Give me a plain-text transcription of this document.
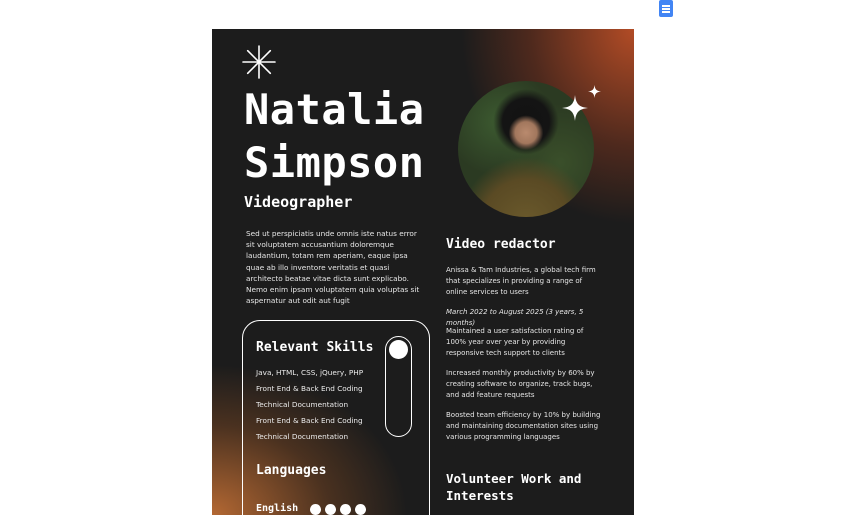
Natalia
Simpson
Videographer
Sed ut perspiciatis unde omnis iste natus error sit voluptatem accusantium doloremque laudantium, totam rem aperiam, eaque ipsa quae ab illo inventore veritatis et quasi architecto beatae vitae dicta sunt explicabo. Nemo enim ipsam voluptatem quia voluptas sit aspernatur aut odit aut fugit
Video redactor
Anissa & Tam Industries, a global tech firm that specializes in providing a range of online services to users
March 2022 to August 2025 (3 years, 5 months)
Maintained a user satisfaction rating of 100% year over year by providing responsive tech support to clients
Increased monthly productivity by 60% by creating software to organize, track bugs, and add feature requests
Boosted team efficiency by 10% by building and maintaining documentation sites using various programming languages
Volunteer Work and Interests
Relevant Skills
Java, HTML, CSS, jQuery, PHP
Front End & Back End Coding
Technical Documentation
Front End & Back End Coding
Technical Documentation
Languages
English
